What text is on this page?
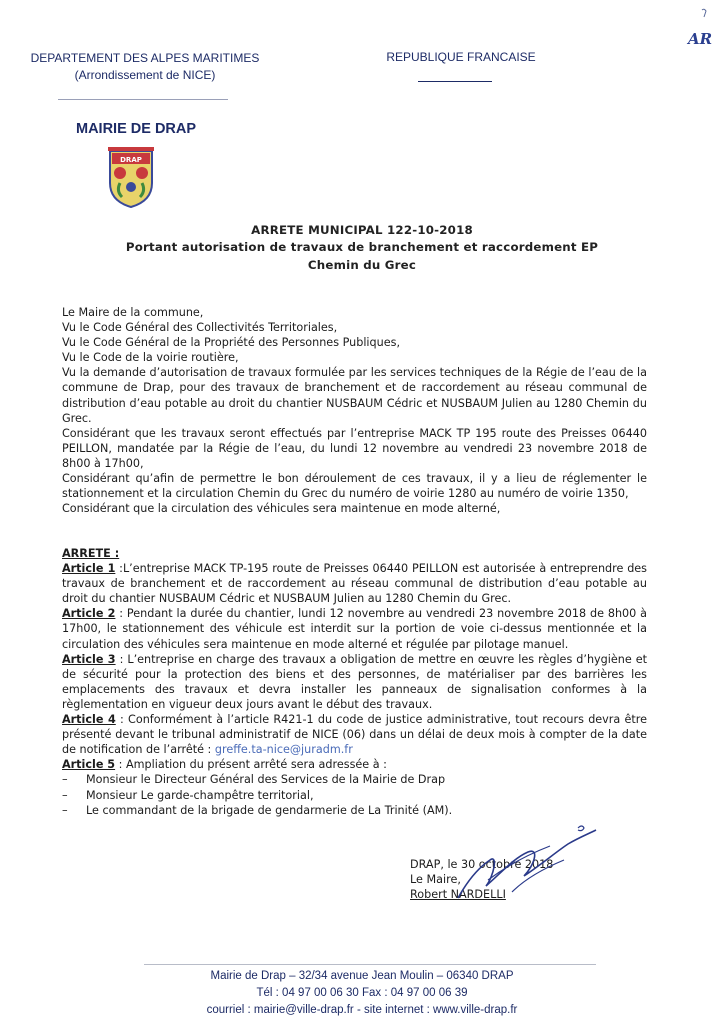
AR
DEPARTEMENT DES ALPES MARITIMES
(Arrondissement de NICE)
REPUBLIQUE FRANCAISE
MAIRIE DE DRAP
DRAP
ARRETE MUNICIPAL 122-10-2018
Portant autorisation de travaux de branchement et raccordement EP
Chemin du Grec

Le Maire de la commune,

Vu le Code Général des Collectivités Territoriales,

Vu le Code Général de la Propriété des Personnes Publiques,

Vu le Code de la voirie routière,

Vu la demande d’autorisation de travaux formulée par les services techniques de la Régie de l’eau de la commune de Drap, pour des travaux de branchement et de raccordement au réseau communal de distribution d’eau potable au droit du chantier NUSBAUM Cédric et NUSBAUM Julien au 1280 Chemin du Grec.

Considérant que les travaux seront effectués par l’entreprise MACK TP 195 route des Preisses 06440 PEILLON, mandatée par la Régie de l’eau, du lundi 12 novembre au vendredi 23 novembre 2018 de 8h00 à 17h00,

Considérant qu’afin de permettre le bon déroulement de ces travaux, il y a lieu de réglementer le stationnement et la circulation Chemin du Grec du numéro de voirie 1280 au numéro de voirie 1350,

Considérant que la circulation des véhicules sera maintenue en mode alterné,

ARRETE :

Article 1 :L’entreprise MACK TP-195 route de Preisses 06440 PEILLON est autorisée à entreprendre des travaux de branchement et de raccordement au réseau communal de distribution d’eau potable au droit du chantier NUSBAUM Cédric et NUSBAUM Julien au 1280 Chemin du Grec.

Article 2 : Pendant la durée du chantier, lundi 12 novembre au vendredi 23 novembre 2018 de 8h00 à 17h00, le stationnement des véhicule est interdit sur la portion de voie ci-dessus mentionnée et la circulation des véhicules sera maintenue en mode alterné et régulée par pilotage manuel.

Article 3 : L’entreprise en charge des travaux a obligation de mettre en œuvre les règles d’hygiène et de sécurité pour la protection des biens et des personnes, de matérialiser par des barrières les emplacements des travaux et devra installer les panneaux de signalisation conformes à la règlementation en vigueur deux jours avant le début des travaux.

Article 4 : Conformément à l’article R421-1 du code de justice administrative, tout recours devra être présenté devant le tribunal administratif de NICE (06) dans un délai de deux mois à compter de la date de notification de l’arrêté : greffe.ta-nice@juradm.fr

Article 5 : Ampliation du présent arrêté sera adressée à :

– Monsieur le Directeur Général des Services de la Mairie de Drap

– Monsieur Le garde-champêtre territorial,

– Le commandant de la brigade de gendarmerie de La Trinité (AM).

DRAP, le 30 octobre 2018
Le Maire,
Robert NARDELLI
Mairie de Drap – 32/34 avenue Jean Moulin – 06340 DRAP
Tél : 04 97 00 06 30 Fax : 04 97 00 06 39
courriel : mairie@ville-drap.fr - site internet : www.ville-drap.fr
